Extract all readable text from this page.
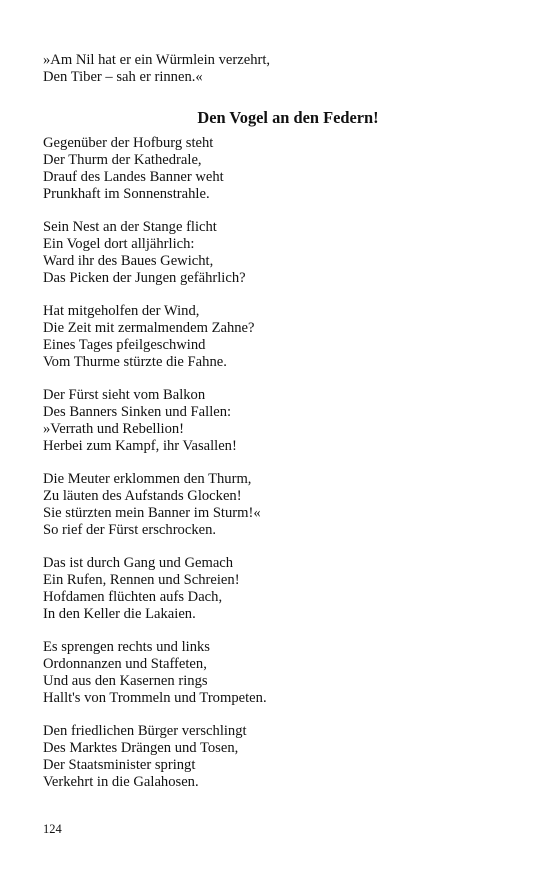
»Am Nil hat er ein Würmlein verzehrt,
Den Tiber – sah er rinnen.«
Den Vogel an den Federn!
Gegenüber der Hofburg steht
Der Thurm der Kathedrale,
Drauf des Landes Banner weht
Prunkhaft im Sonnenstrahle.
Sein Nest an der Stange flicht
Ein Vogel dort alljährlich:
Ward ihr des Baues Gewicht,
Das Picken der Jungen gefährlich?
Hat mitgeholfen der Wind,
Die Zeit mit zermalmendem Zahne?
Eines Tages pfeilgeschwind
Vom Thurme stürzte die Fahne.
Der Fürst sieht vom Balkon
Des Banners Sinken und Fallen:
»Verrath und Rebellion!
Herbei zum Kampf, ihr Vasallen!
Die Meuter erklommen den Thurm,
Zu läuten des Aufstands Glocken!
Sie stürzten mein Banner im Sturm!«
So rief der Fürst erschrocken.
Das ist durch Gang und Gemach
Ein Rufen, Rennen und Schreien!
Hofdamen flüchten aufs Dach,
In den Keller die Lakaien.
Es sprengen rechts und links
Ordonnanzen und Staffeten,
Und aus den Kasernen rings
Hallt's von Trommeln und Trompeten.
Den friedlichen Bürger verschlingt
Des Marktes Drängen und Tosen,
Der Staatsminister springt
Verkehrt in die Galahosen.
124
